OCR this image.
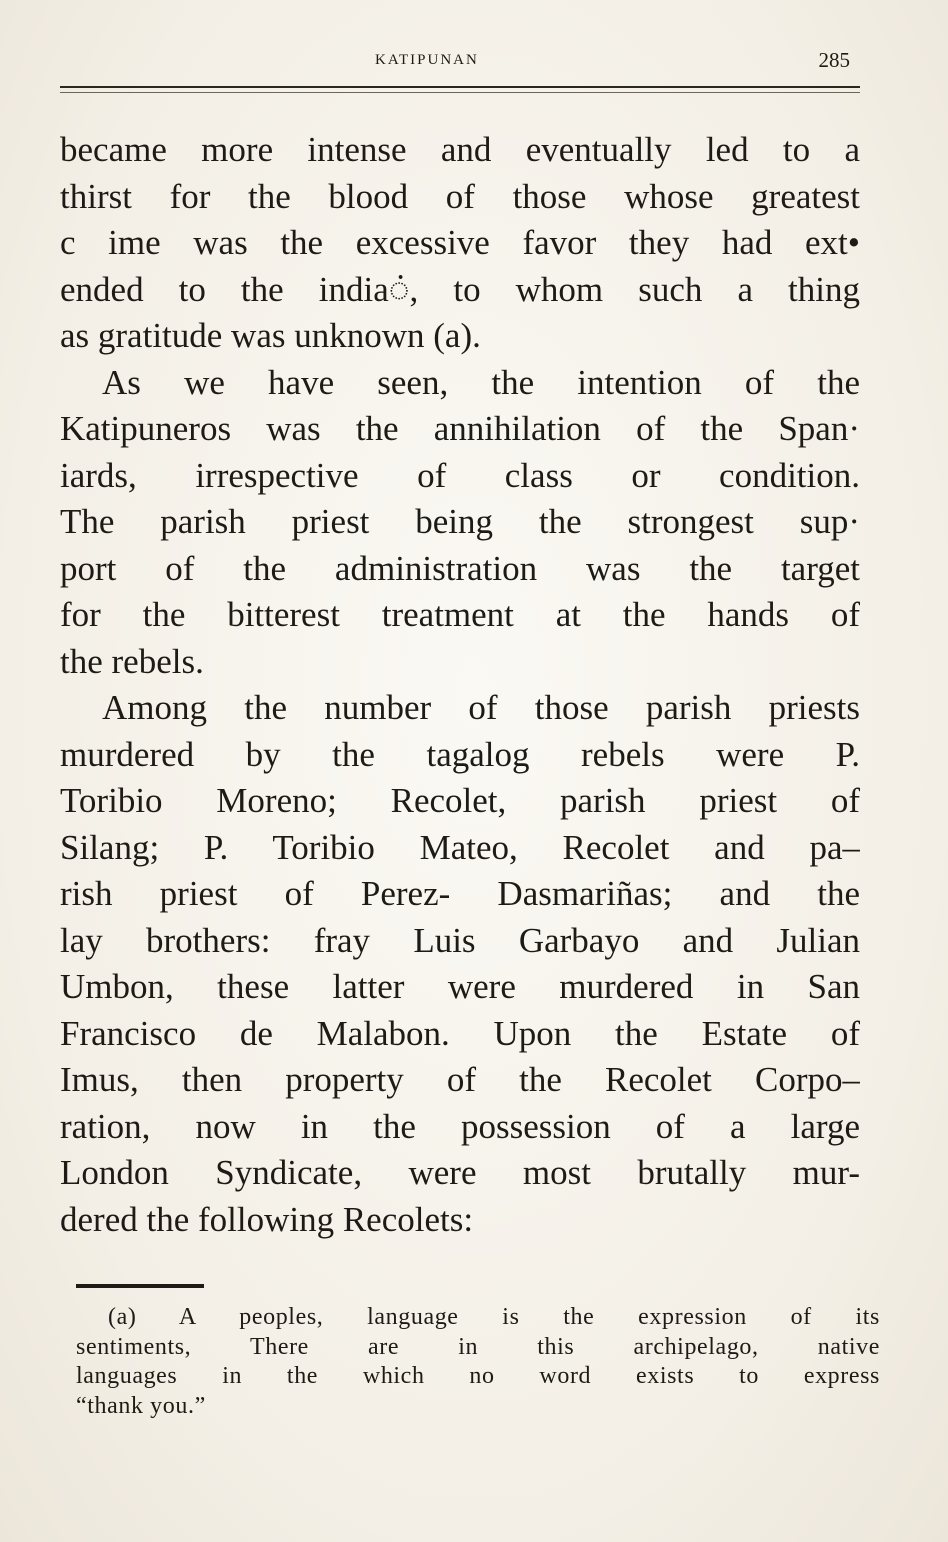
KATIPUNAN	285
became more intense and eventually led to a
thirst for the blood of those whose greatest
c ime was the excessive favor they had ext•
ended to the indiaं, to whom such a thing
as gratitude was unknown (a).
As we have seen, the intention of the
Katipuneros was the annihilation of the Span·
iards, irrespective of class or condition.
The parish priest being the strongest sup·
port of the administration was the target
for the bitterest treatment at the hands of
the rebels.
Among the number of those parish priests
murdered by the tagalog rebels were P.
Toribio Moreno; Recolet, parish priest of
Silang; P. Toribio Mateo, Recolet and pa–
rish priest of Perez- Dasmariñas; and the
lay brothers: fray Luis Garbayo and Julian
Umbon, these latter were murdered in San
Francisco de Malabon. Upon the Estate of
Imus, then property of the Recolet Corpo–
ration, now in the possession of a large
London Syndicate, were most brutally mur-
dered the following Recolets:
(a) A peoples, language is the expression of its
sentiments, There are in this archipelago, native
languages in the which no word exists to express
“thank you.”
